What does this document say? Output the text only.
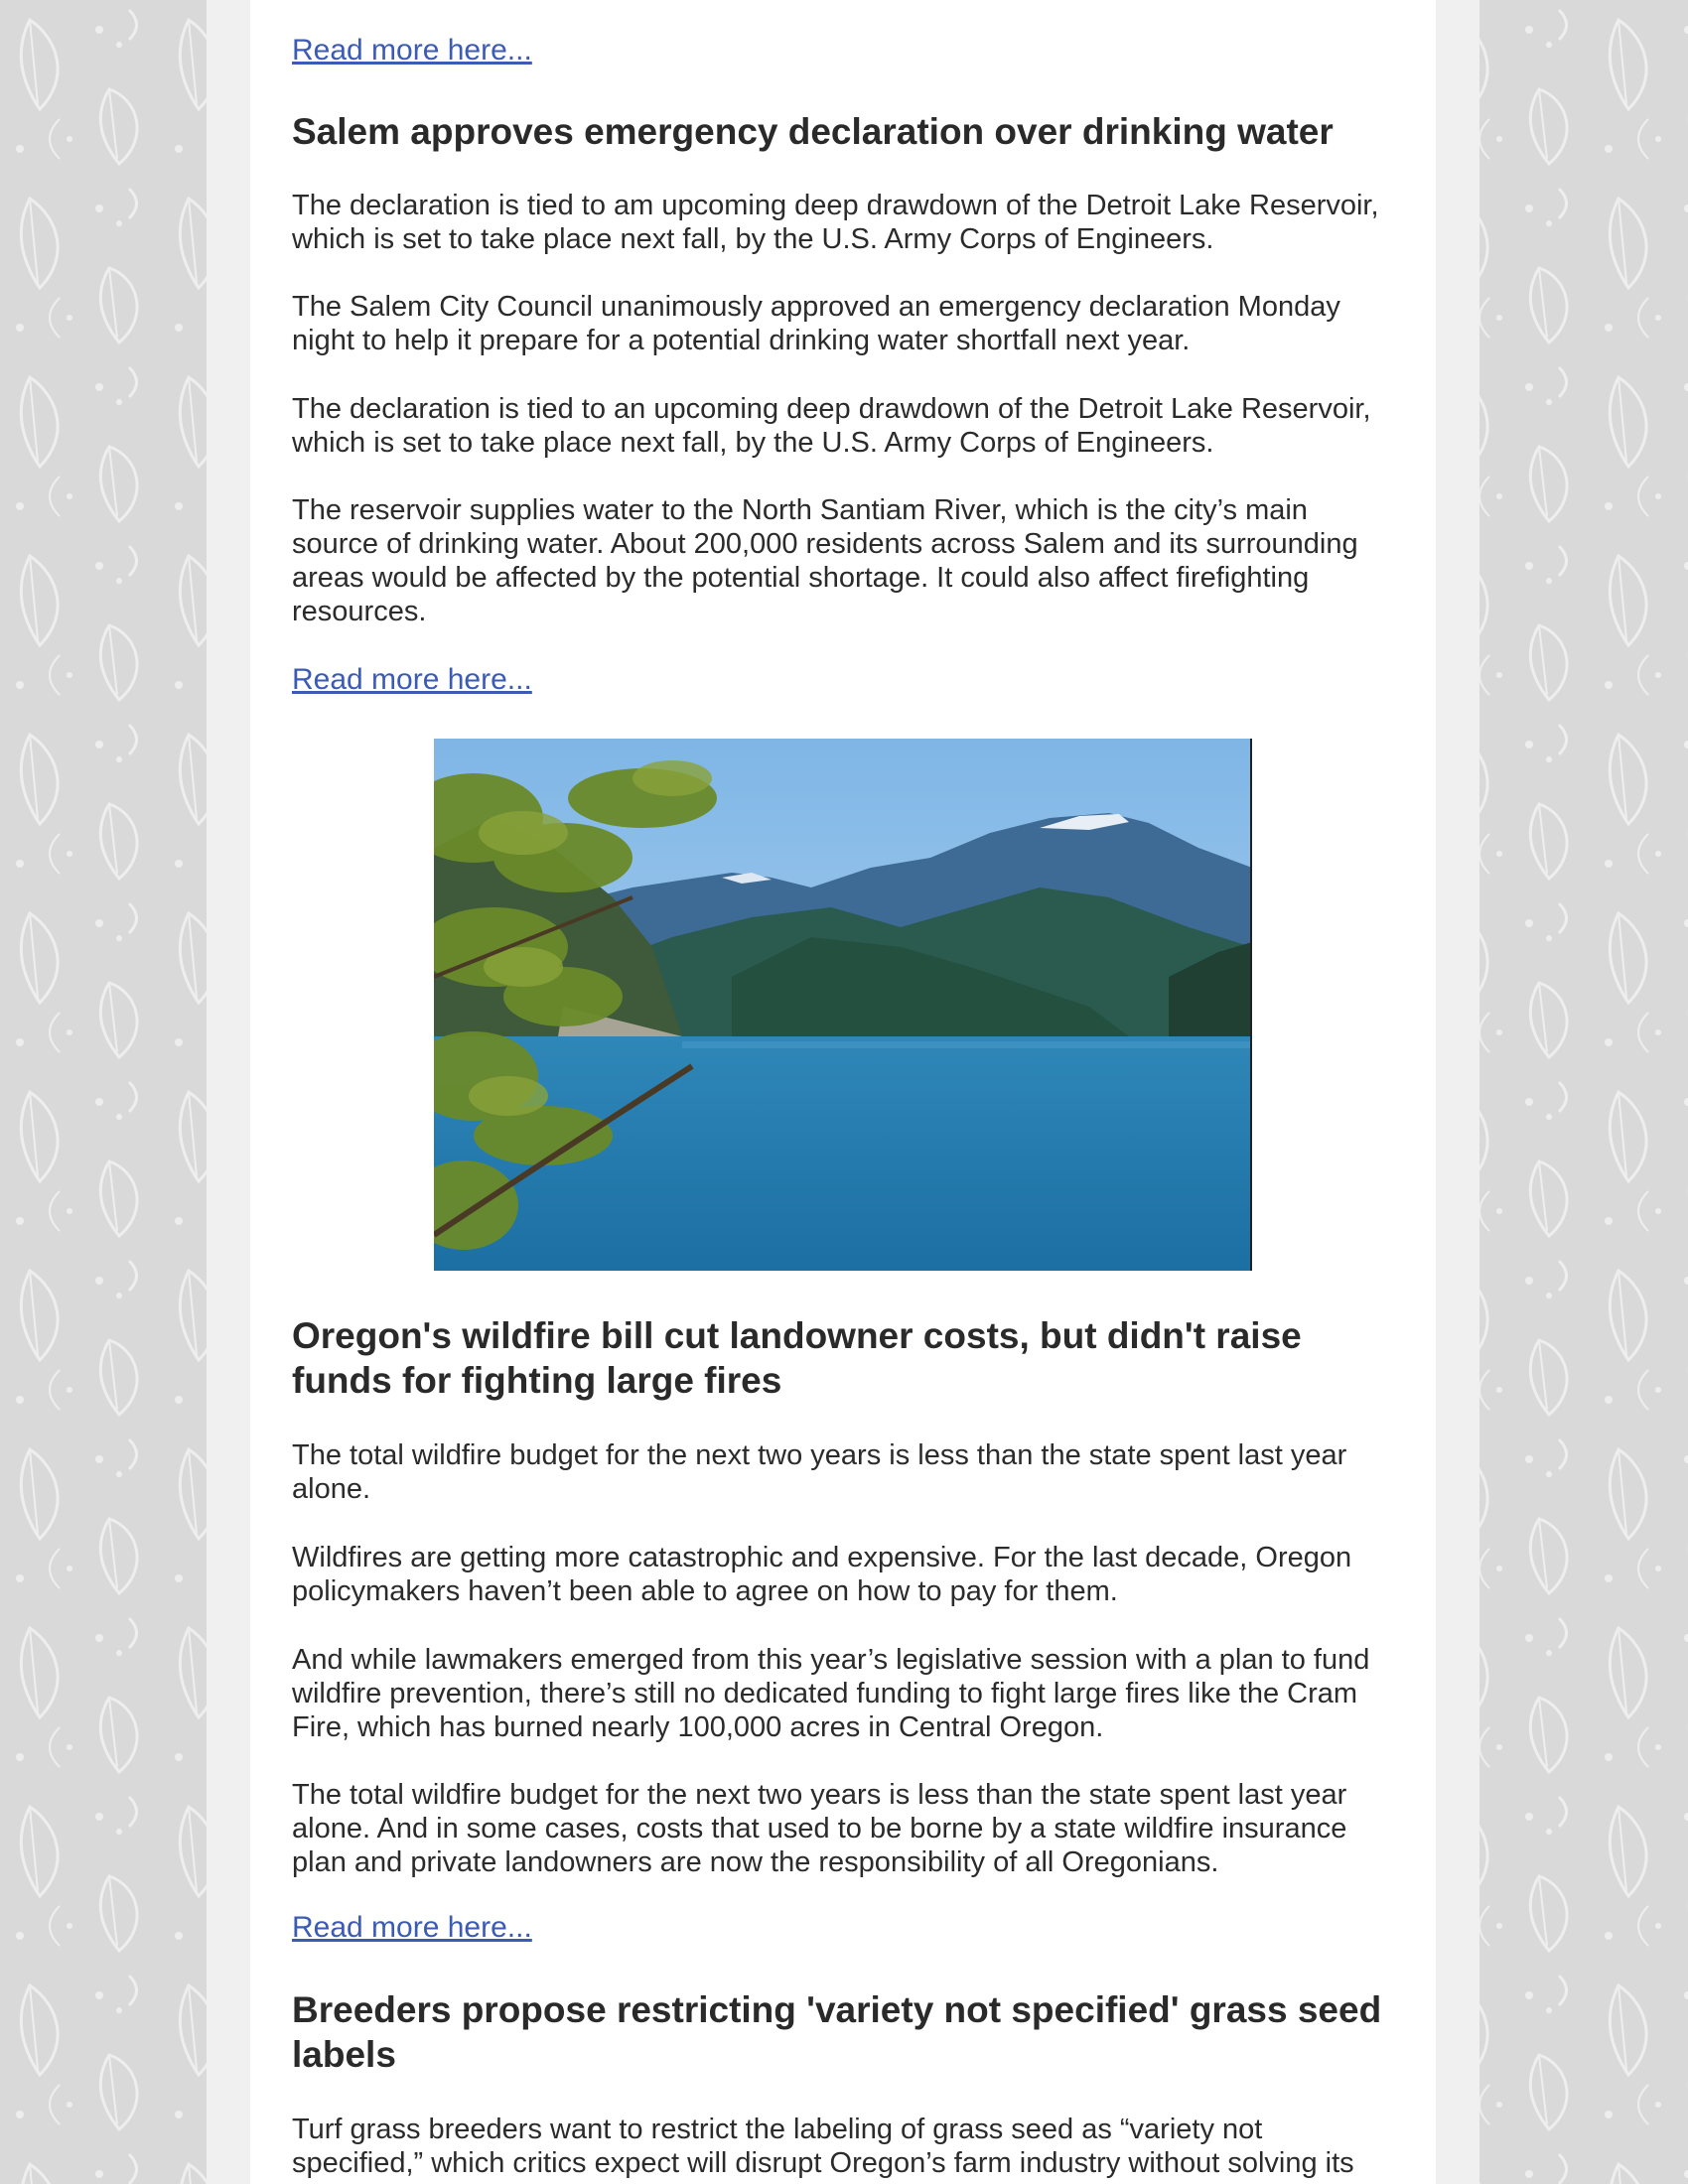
Read more here...
Salem approves emergency declaration over drinking water

The declaration is tied to am upcoming deep drawdown of the Detroit Lake Reservoir, which is set to take place next fall, by the U.S. Army Corps of Engineers.

The Salem City Council unanimously approved an emergency declaration Monday night to help it prepare for a potential drinking water shortfall next year.

The declaration is tied to an upcoming deep drawdown of the Detroit Lake Reservoir, which is set to take place next fall, by the U.S. Army Corps of Engineers.

The reservoir supplies water to the North Santiam River, which is the city’s main source of drinking water. About 200,000 residents across Salem and its surrounding areas would be affected by the potential shortage. It could also affect firefighting resources.

Read more here...
Oregon's wildfire bill cut landowner costs, but didn't raise funds for fighting large fires

The total wildfire budget for the next two years is less than the state spent last year alone.

Wildfires are getting more catastrophic and expensive. For the last decade, Oregon policymakers haven’t been able to agree on how to pay for them.

And while lawmakers emerged from this year’s legislative session with a plan to fund wildfire prevention, there’s still no dedicated funding to fight large fires like the Cram Fire, which has burned nearly 100,000 acres in Central Oregon.

The total wildfire budget for the next two years is less than the state spent last year alone. And in some cases, costs that used to be borne by a state wildfire insurance plan and private landowners are now the responsibility of all Oregonians.

Read more here...
Breeders propose restricting 'variety not specified' grass seed labels

Turf grass breeders want to restrict the labeling of grass seed as “variety not specified,” which critics expect will disrupt Oregon’s farm industry without solving its
